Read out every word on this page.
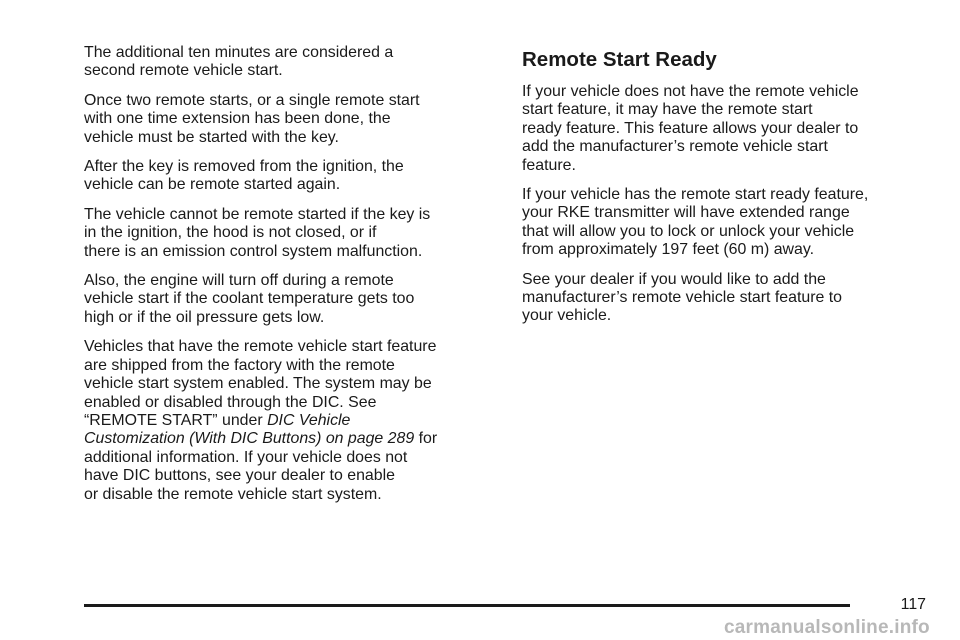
The additional ten minutes are considered a
second remote vehicle start.

Once two remote starts, or a single remote start
with one time extension has been done, the
vehicle must be started with the key.

After the key is removed from the ignition, the
vehicle can be remote started again.

The vehicle cannot be remote started if the key is
in the ignition, the hood is not closed, or if
there is an emission control system malfunction.

Also, the engine will turn off during a remote
vehicle start if the coolant temperature gets too
high or if the oil pressure gets low.

Vehicles that have the remote vehicle start feature
are shipped from the factory with the remote
vehicle start system enabled. The system may be
enabled or disabled through the DIC. See
“REMOTE START” under DIC Vehicle
Customization (With DIC Buttons) on page 289 for
additional information. If your vehicle does not
have DIC buttons, see your dealer to enable
or disable the remote vehicle start system.

Remote Start Ready

If your vehicle does not have the remote vehicle
start feature, it may have the remote start
ready feature. This feature allows your dealer to
add the manufacturer’s remote vehicle start
feature.

If your vehicle has the remote start ready feature,
your RKE transmitter will have extended range
that will allow you to lock or unlock your vehicle
from approximately 197 feet (60 m) away.

See your dealer if you would like to add the
manufacturer’s remote vehicle start feature to
your vehicle.

117
carmanualsonline.info
